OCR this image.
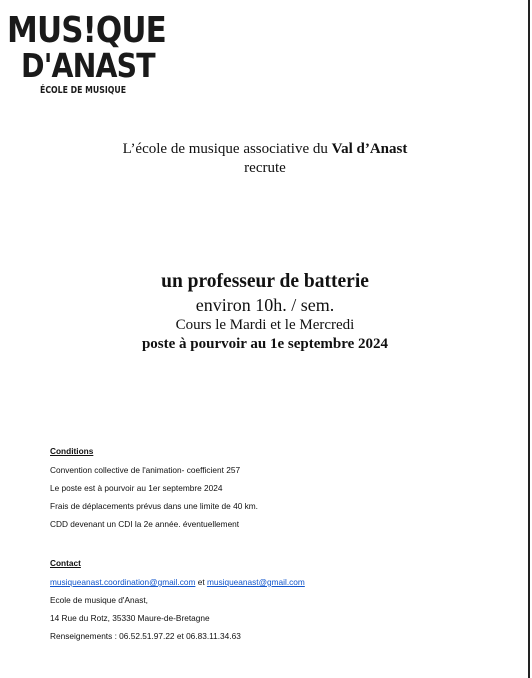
MUS!QUE
D'ANAST
ÉCOLE DE MUSIQUE
L’école de musique associative du Val d’Anast
recrute
un professeur de batterie
environ 10h. / sem.
Cours le Mardi et le Mercredi
poste à pourvoir au 1e septembre 2024
Conditions
Convention collective de l'animation- coefficient 257
Le poste est à pourvoir au 1er septembre 2024
Frais de déplacements prévus dans une limite de 40 km.
CDD devenant un CDI la 2e année. éventuellement
Contact
musiqueanast.coordination@gmail.com et musiqueanast@gmail.com
Ecole de musique d'Anast,
14 Rue du Rotz, 35330 Maure-de-Bretagne
Renseignements : 06.52.51.97.22 et 06.83.11.34.63
